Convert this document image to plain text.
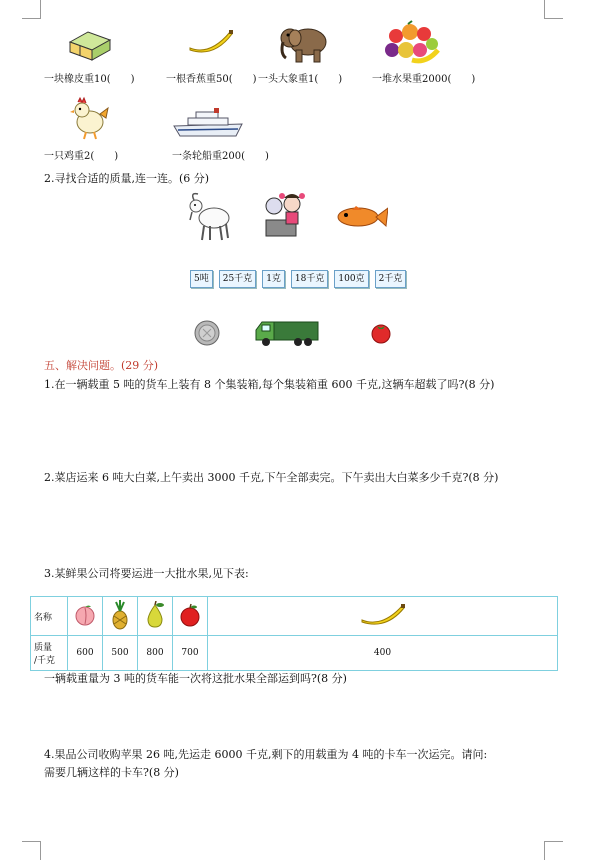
一块橡皮重10(　　)	一根香蕉重50(　　) 一头大象重1(　　)	一堆水果重2000(　　)
一只鸡重2(　　)	一条轮船重200(　　)
2.寻找合适的质量,连一连。(6 分)
5吨	25千克	1克	18千克	100克	2千克
五、解决问题。(29 分)
1.在一辆载重 5 吨的货车上装有 8 个集装箱,每个集装箱重 600 千克,这辆车超载了吗?(8 分)
2.菜店运来 6 吨大白菜,上午卖出 3000 千克,下午全部卖完。下午卖出大白菜多少千克?(8 分)
3.某鲜果公司将要运进一大批水果,见下表:
名称					
质量
/千克	600	500	800	700	400
一辆载重量为 3 吨的货车能一次将这批水果全部运到吗?(8 分)
4.果品公司收购苹果 26 吨,先运走 6000 千克,剩下的用载重为 4 吨的卡车一次运完。请问:
需要几辆这样的卡车?(8 分)
